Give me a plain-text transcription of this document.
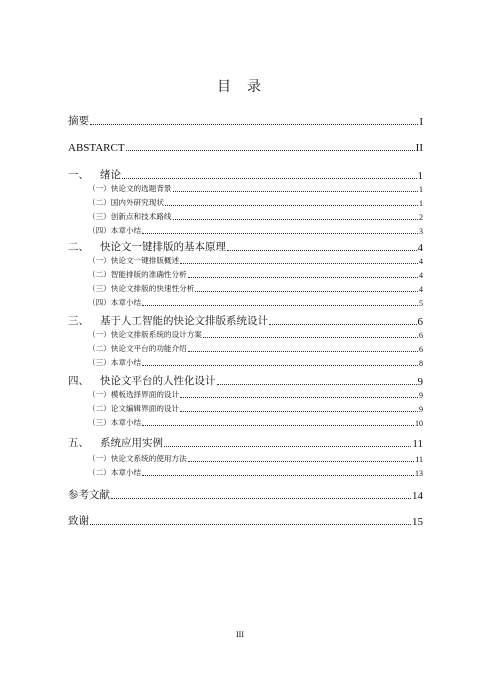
目 录
摘要	I
ABSTARCT	II
一、 绪论	1
（一）快论文的选题背景	1
（二）国内外研究现状	1
（三）创新点和技术路线	2
（四）本章小结	3
二、 快论文一键排版的基本原理	4
（一）快论文一键排版概述	4
（二）智能排版的准确性分析	4
（三）快论文排版的快速性分析	4
（四）本章小结	5
三、 基于人工智能的快论文排版系统设计	6
（一）快论文排版系统的设计方案	6
（二）快论文平台的功能介绍	6
（三）本章小结	8
四、 快论文平台的人性化设计	9
（一）模板选择界面的设计	9
（二）论文编辑界面的设计	9
（三）本章小结	10
五、 系统应用实例	11
（一）快论文系统的使用方法	11
（二）本章小结	13
参考文献	14
致谢	15
III
